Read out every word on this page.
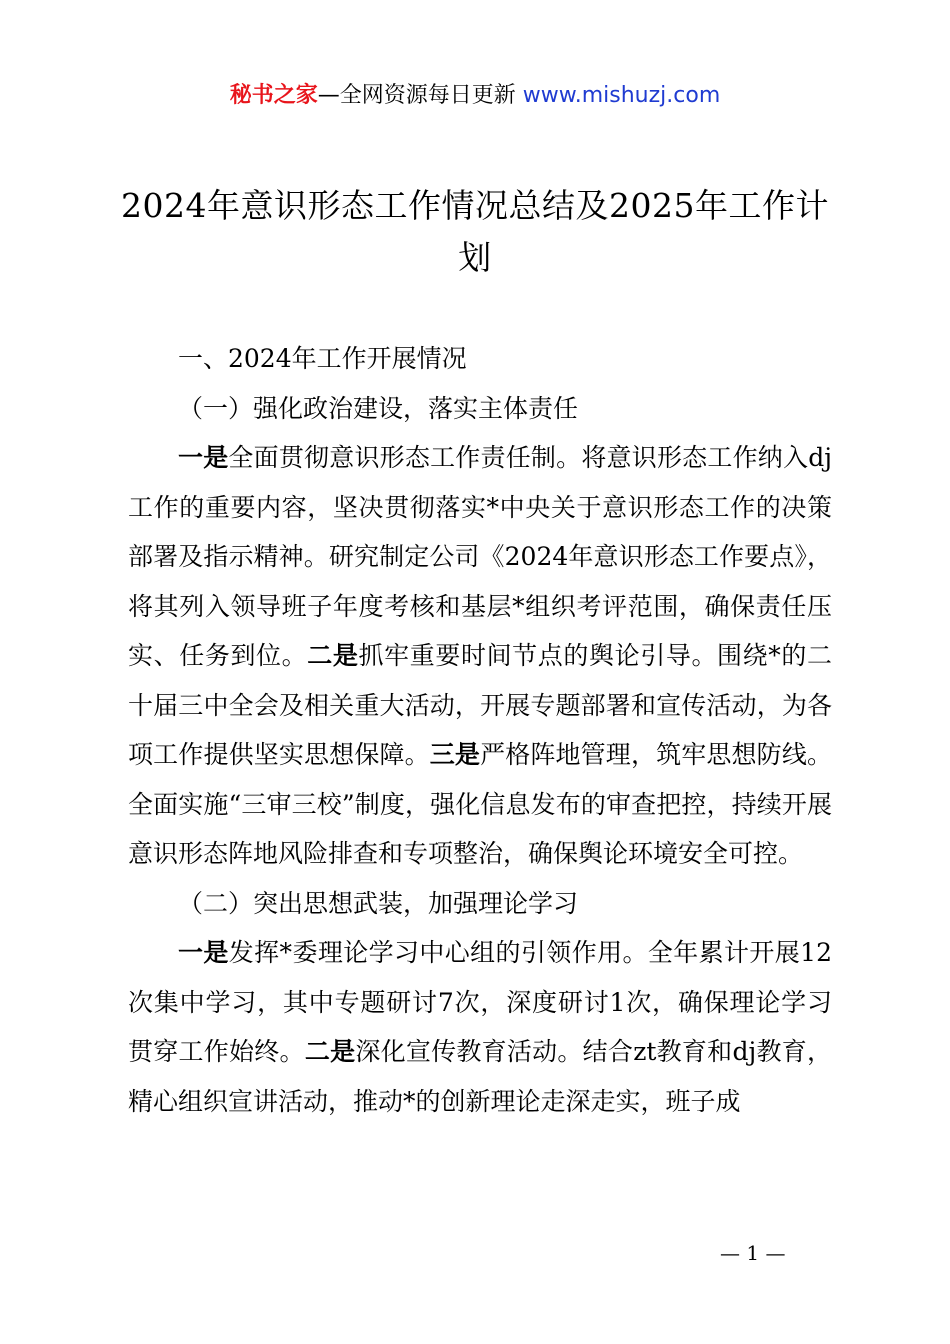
秘书之家—全网资源每日更新 www.mishuzj.com
2024年意识形态工作情况总结及2025年工作计划

一、2024年工作开展情况

（一）强化政治建设，落实主体责任

一是全面贯彻意识形态工作责任制。将意识形态工作纳入dj工作的重要内容，坚决贯彻落实*中央关于意识形态工作的决策部署及指示精神。研究制定公司《2024年意识形态工作要点》，将其列入领导班子年度考核和基层*组织考评范围，确保责任压实、任务到位。二是抓牢重要时间节点的舆论引导。围绕*的二十届三中全会及相关重大活动，开展专题部署和宣传活动，为各项工作提供坚实思想保障。三是严格阵地管理，筑牢思想防线。全面实施“三审三校”制度，强化信息发布的审查把控，持续开展意识形态阵地风险排查和专项整治，确保舆论环境安全可控。

（二）突出思想武装，加强理论学习

一是发挥*委理论学习中心组的引领作用。全年累计开展12次集中学习，其中专题研讨7次，深度研讨1次，确保理论学习贯穿工作始终。二是深化宣传教育活动。结合zt教育和dj教育，精心组织宣讲活动，推动*的创新理论走深走实，班子成

— 1 —
